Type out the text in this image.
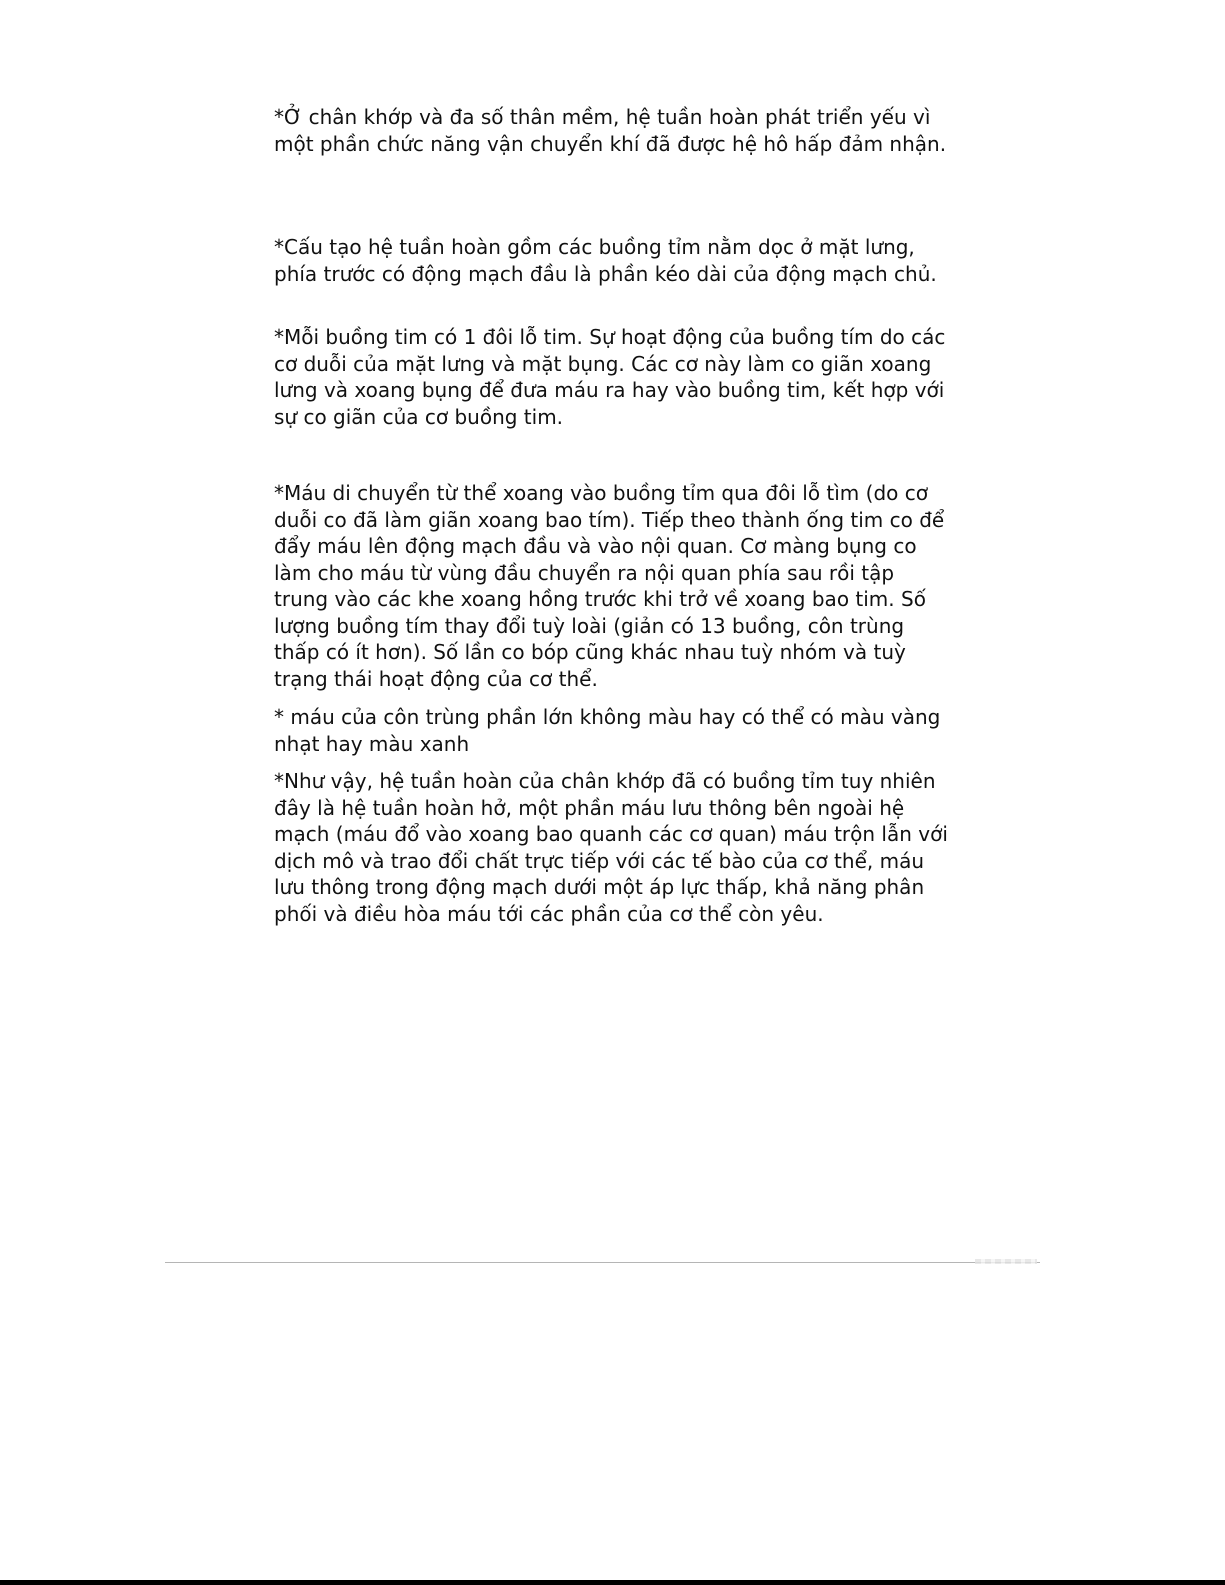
*Ở chân khớp và đa số thân mềm, hệ tuần hoàn phát triển yếu vì một phần chức năng vận chuyển khí đã được hệ hô hấp đảm nhận.

*Cấu tạo hệ tuần hoàn gồm các buồng tỉm nằm dọc ở mặt lưng, phía trước có động mạch đầu là phần kéo dài của động mạch chủ.

*Mỗi buồng tim có 1 đôi lỗ tim. Sự hoạt động của buồng tím do các cơ duỗi của mặt lưng và mặt bụng. Các cơ này làm co giãn xoang lưng và xoang bụng để đưa máu ra hay vào buồng tim, kết hợp với sự co giãn của cơ buồng tim.

*Máu di chuyển từ thể xoang vào buồng tỉm qua đôi lỗ tìm (do cơ duỗi co đã làm giãn xoang bao tím). Tiếp theo thành ống tim co để đẩy máu lên động mạch đầu và vào nội quan. Cơ màng bụng co làm cho máu từ vùng đầu chuyển ra nội quan phía sau rồi tập trung vào các khe xoang hồng trước khi trở về xoang bao tim. Số lượng buồng tím thay đổi tuỳ loài (giản có 13 buồng, côn trùng thấp có ít hơn). Số lần co bóp cũng khác nhau tuỳ nhóm và tuỳ trạng thái hoạt động của cơ thể.

* máu của côn trùng phần lớn không màu hay có thể có màu vàng nhạt hay màu xanh

*Như vậy, hệ tuần hoàn của chân khớp đã có buồng tỉm tuy nhiên đây là hệ tuần hoàn hở, một phần máu lưu thông bên ngoài hệ mạch (máu đổ vào xoang bao quanh các cơ quan) máu trộn lẫn với dịch mô và trao đổi chất trực tiếp với các tế bào của cơ thể, máu lưu thông trong động mạch dưới một áp lực thấp, khả năng phân phối và điều hòa máu tới các phần của cơ thể còn yêu.
